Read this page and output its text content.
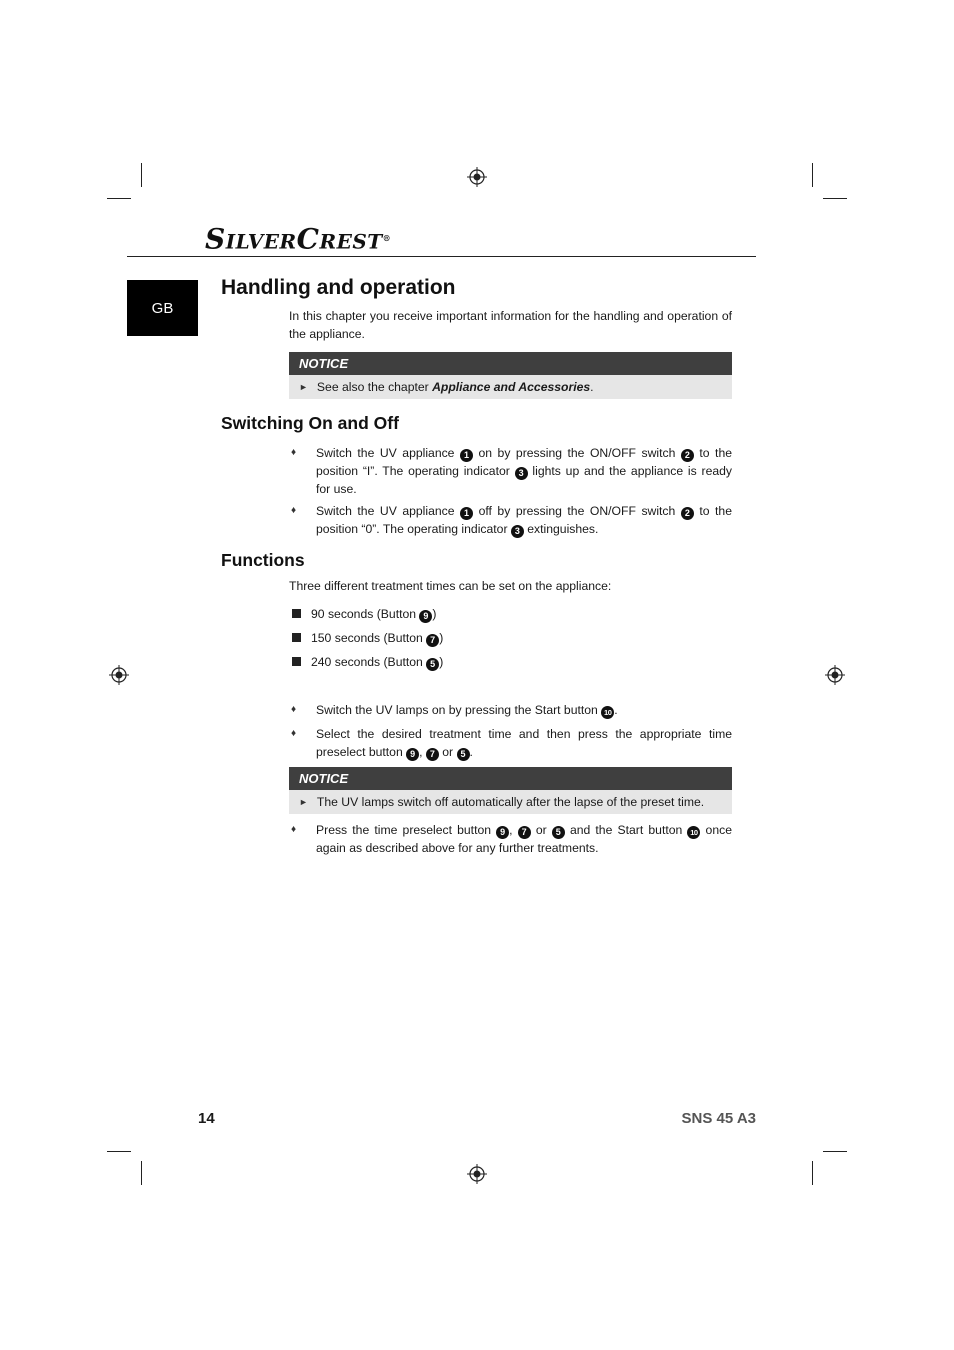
SILVERCREST®
GB
Handling and operation
In this chapter you receive important information for the handling and operation of the appliance.
NOTICE
► See also the chapter Appliance and Accessories.
Switching On and Off
♦ Switch the UV appliance 1 on by pressing the ON/OFF switch 2 to the position “I”. The operating indicator 3 lights up and the appliance is ready for use.
♦ Switch the UV appliance 1 off by pressing the ON/OFF switch 2 to the position “0”. The operating indicator 3 extinguishes.
Functions
Three different treatment times can be set on the appliance:
90 seconds (Button 9 )
150 seconds (Button 7 )
240 seconds (Button 5 )
♦ Switch the UV lamps on by pressing the Start button 10 .
♦ Select the desired treatment time and then press the appropriate time preselect button 9 , 7 or 5 .
NOTICE
► The UV lamps switch off automatically after the lapse of the preset time.
♦ Press the time preselect button 9 , 7 or 5 and the Start button 10 once again as described above for any further treatments.
14	SNS 45 A3
